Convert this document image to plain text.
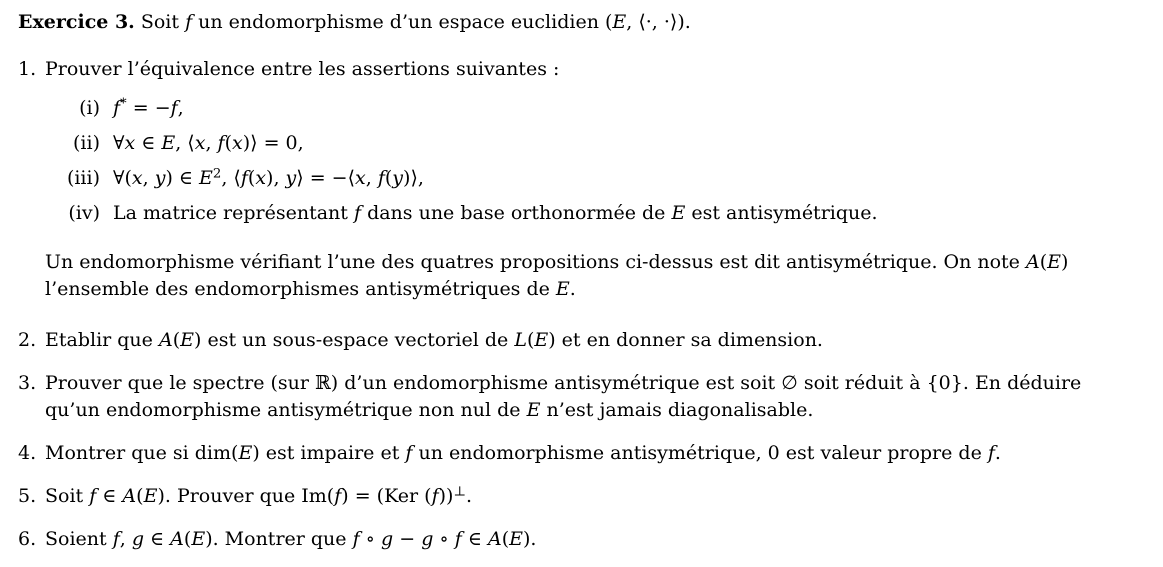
Exercice 3. Soit f un endomorphisme d’un espace euclidien (E, ⟨·, ·⟩).

1. Prouver l’équivalence entre les assertions suivantes :

(i) f* = −f,
(ii) ∀x ∈ E, ⟨x, f(x)⟩ = 0,
(iii) ∀(x, y) ∈ $E^2$, ⟨f(x), y⟩ = −⟨x, f(y)⟩,
(iv) La matrice représentant f dans une base orthonormée de E est antisymétrique.

Un endomorphisme vérifiant l’une des quatres propositions ci-dessus est dit antisymétrique. On note A(E) l’ensemble des endomorphismes antisymétriques de E.

2. Etablir que A(E) est un sous-espace vectoriel de L(E) et en donner sa dimension.

3. Prouver que le spectre (sur ℝ) d’un endomorphisme antisymétrique est soit ∅ soit réduit à {0}. En déduire qu’un endomorphisme antisymétrique non nul de E n’est jamais diagonalisable.

4. Montrer que si dim(E) est impaire et f un endomorphisme antisymétrique, 0 est valeur propre de f.

5. Soit f ∈ A(E). Prouver que Im(f) = (Ker (f))⊥.

6. Soient f, g ∈ A(E). Montrer que f ∘ g − g ∘ f ∈ A(E).
